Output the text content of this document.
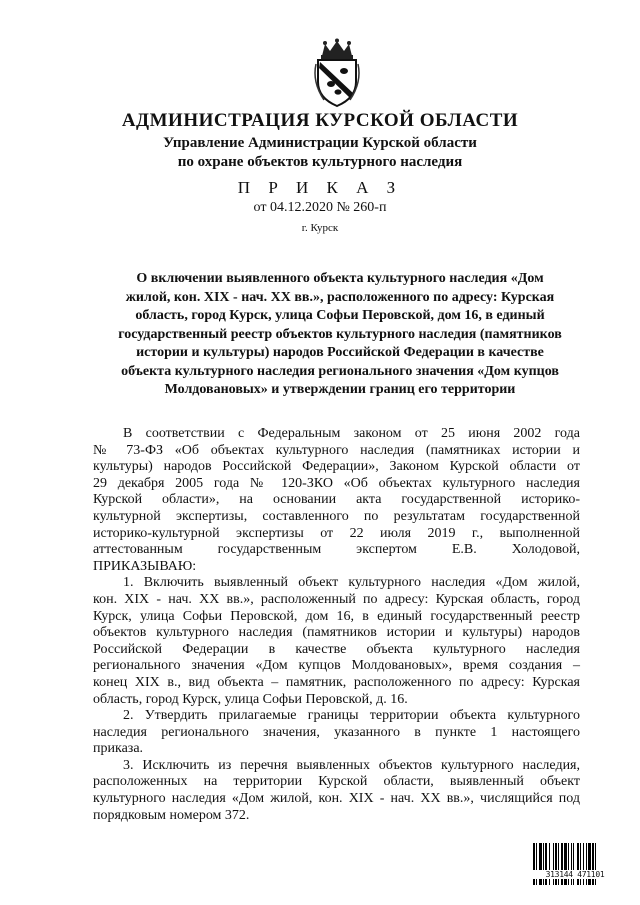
АДМИНИСТРАЦИЯ КУРСКОЙ ОБЛАСТИ
Управление Администрации Курской области
по охране объектов культурного наследия
П Р И К А З
от 04.12.2020 № 260-п
г. Курск
О включении выявленного объекта культурного наследия «Дом
жилой, кон. XIX - нач. XX вв.», расположенного по адресу: Курская
область, город Курск, улица Софьи Перовской, дом 16, в единый
государственный реестр объектов культурного наследия (памятников
истории и культуры) народов Российской Федерации в качестве
объекта культурного наследия регионального значения «Дом купцов
Молдовановых» и утверждении границ его территории
В соответствии с Федеральным законом от 25 июня 2002 года
№ 73-ФЗ «Об объектах культурного наследия (памятниках истории и
культуры) народов Российской Федерации», Законом Курской области от
29 декабря 2005 года № 120-ЗКО «Об объектах культурного наследия
Курской области», на основании акта государственной историко-
культурной экспертизы, составленного по результатам государственной
историко-культурной экспертизы от 22 июля 2019 г., выполненной
аттестованным государственным экспертом Е.В. Холодовой,
ПРИКАЗЫВАЮ:
1. Включить выявленный объект культурного наследия «Дом жилой,
кон. XIX - нач. XX вв.», расположенный по адресу: Курская область, город
Курск, улица Софьи Перовской, дом 16, в единый государственный реестр
объектов культурного наследия (памятников истории и культуры) народов
Российской Федерации в качестве объекта культурного наследия
регионального значения «Дом купцов Молдовановых», время создания –
конец XIX в., вид объекта – памятник, расположенного по адресу: Курская
область, город Курск, улица Софьи Перовской, д. 16.
2. Утвердить прилагаемые границы территории объекта культурного
наследия регионального значения, указанного в пункте 1 настоящего
приказа.
3. Исключить из перечня выявленных объектов культурного наследия,
расположенных на территории Курской области, выявленный объект
культурного наследия «Дом жилой, кон. XIX - нач. XX вв.», числящийся под
порядковым номером 372.
313144 471101
